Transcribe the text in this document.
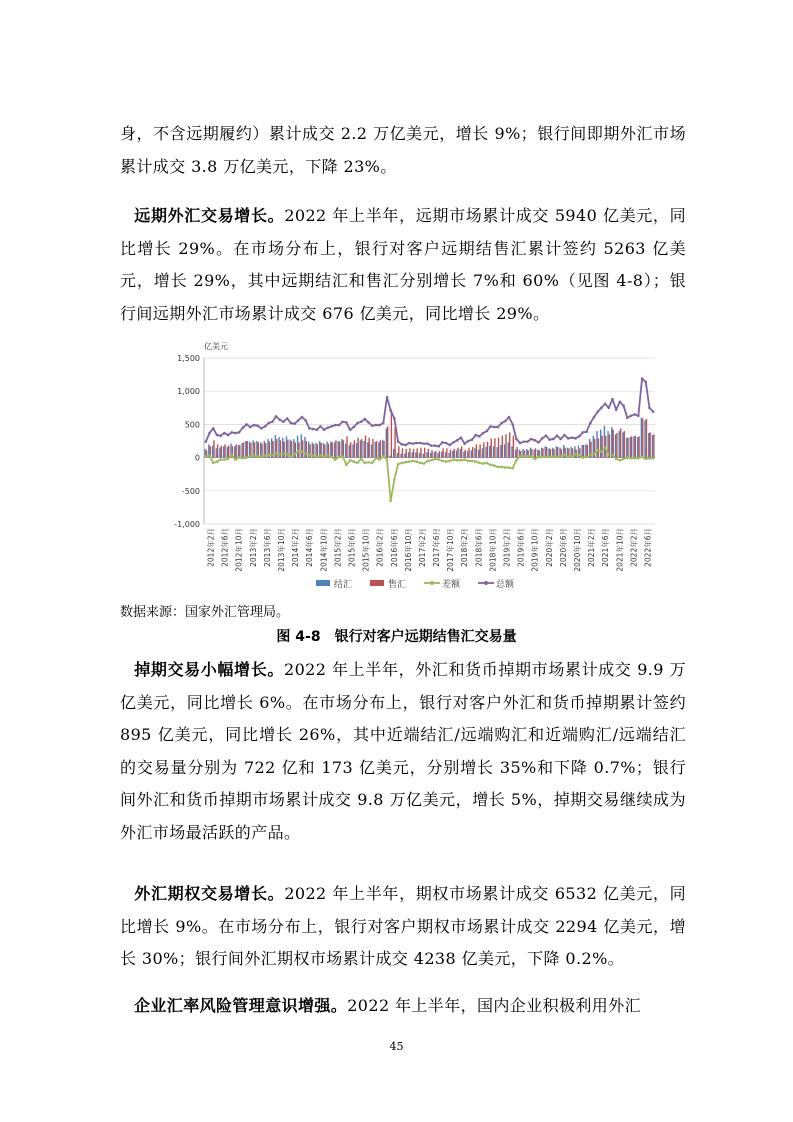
身，不含远期履约）累计成交 2.2 万亿美元，增长 9%；银行间即期外汇市场累计成交 3.8 万亿美元，下降 23%。

远期外汇交易增长。2022 年上半年，远期市场累计成交 5940 亿美元，同比增长 29%。在市场分布上，银行对客户远期结售汇累计签约 5263 亿美元，增长 29%，其中远期结汇和售汇分别增长 7%和 60%（见图 4-8）；银行间远期外汇市场累计成交 676 亿美元，同比增长 29%。

1,500
1,000
500
0
-500
-1,000
2012年2月 2012年6月 2012年10月 2013年2月 2013年6月 2013年10月 2014年2月 2014年6月 2014年10月 2015年2月 2015年6月 2015年10月 2016年2月 2016年6月 2016年10月 2017年2月 2017年6月 2017年10月 2018年2月 2018年6月 2018年10月 2019年2月 2019年6月 2019年10月 2020年2月 2020年6月 2020年10月 2021年2月 2021年6月 2021年10月 2022年2月 2022年6月
结汇	售汇	差额	总额
亿美元
数据来源：国家外汇管理局。
图 4-8　银行对客户远期结售汇交易量

掉期交易小幅增长。2022 年上半年，外汇和货币掉期市场累计成交 9.9 万亿美元，同比增长 6%。在市场分布上，银行对客户外汇和货币掉期累计签约 895 亿美元，同比增长 26%，其中近端结汇/远端购汇和近端购汇/远端结汇的交易量分别为 722 亿和 173 亿美元，分别增长 35%和下降 0.7%；银行间外汇和货币掉期市场累计成交 9.8 万亿美元，增长 5%，掉期交易继续成为外汇市场最活跃的产品。

外汇期权交易增长。2022 年上半年，期权市场累计成交 6532 亿美元，同比增长 9%。在市场分布上，银行对客户期权市场累计成交 2294 亿美元，增长 30%；银行间外汇期权市场累计成交 4238 亿美元，下降 0.2%。

企业汇率风险管理意识增强。2022 年上半年，国内企业积极利用外汇

45
